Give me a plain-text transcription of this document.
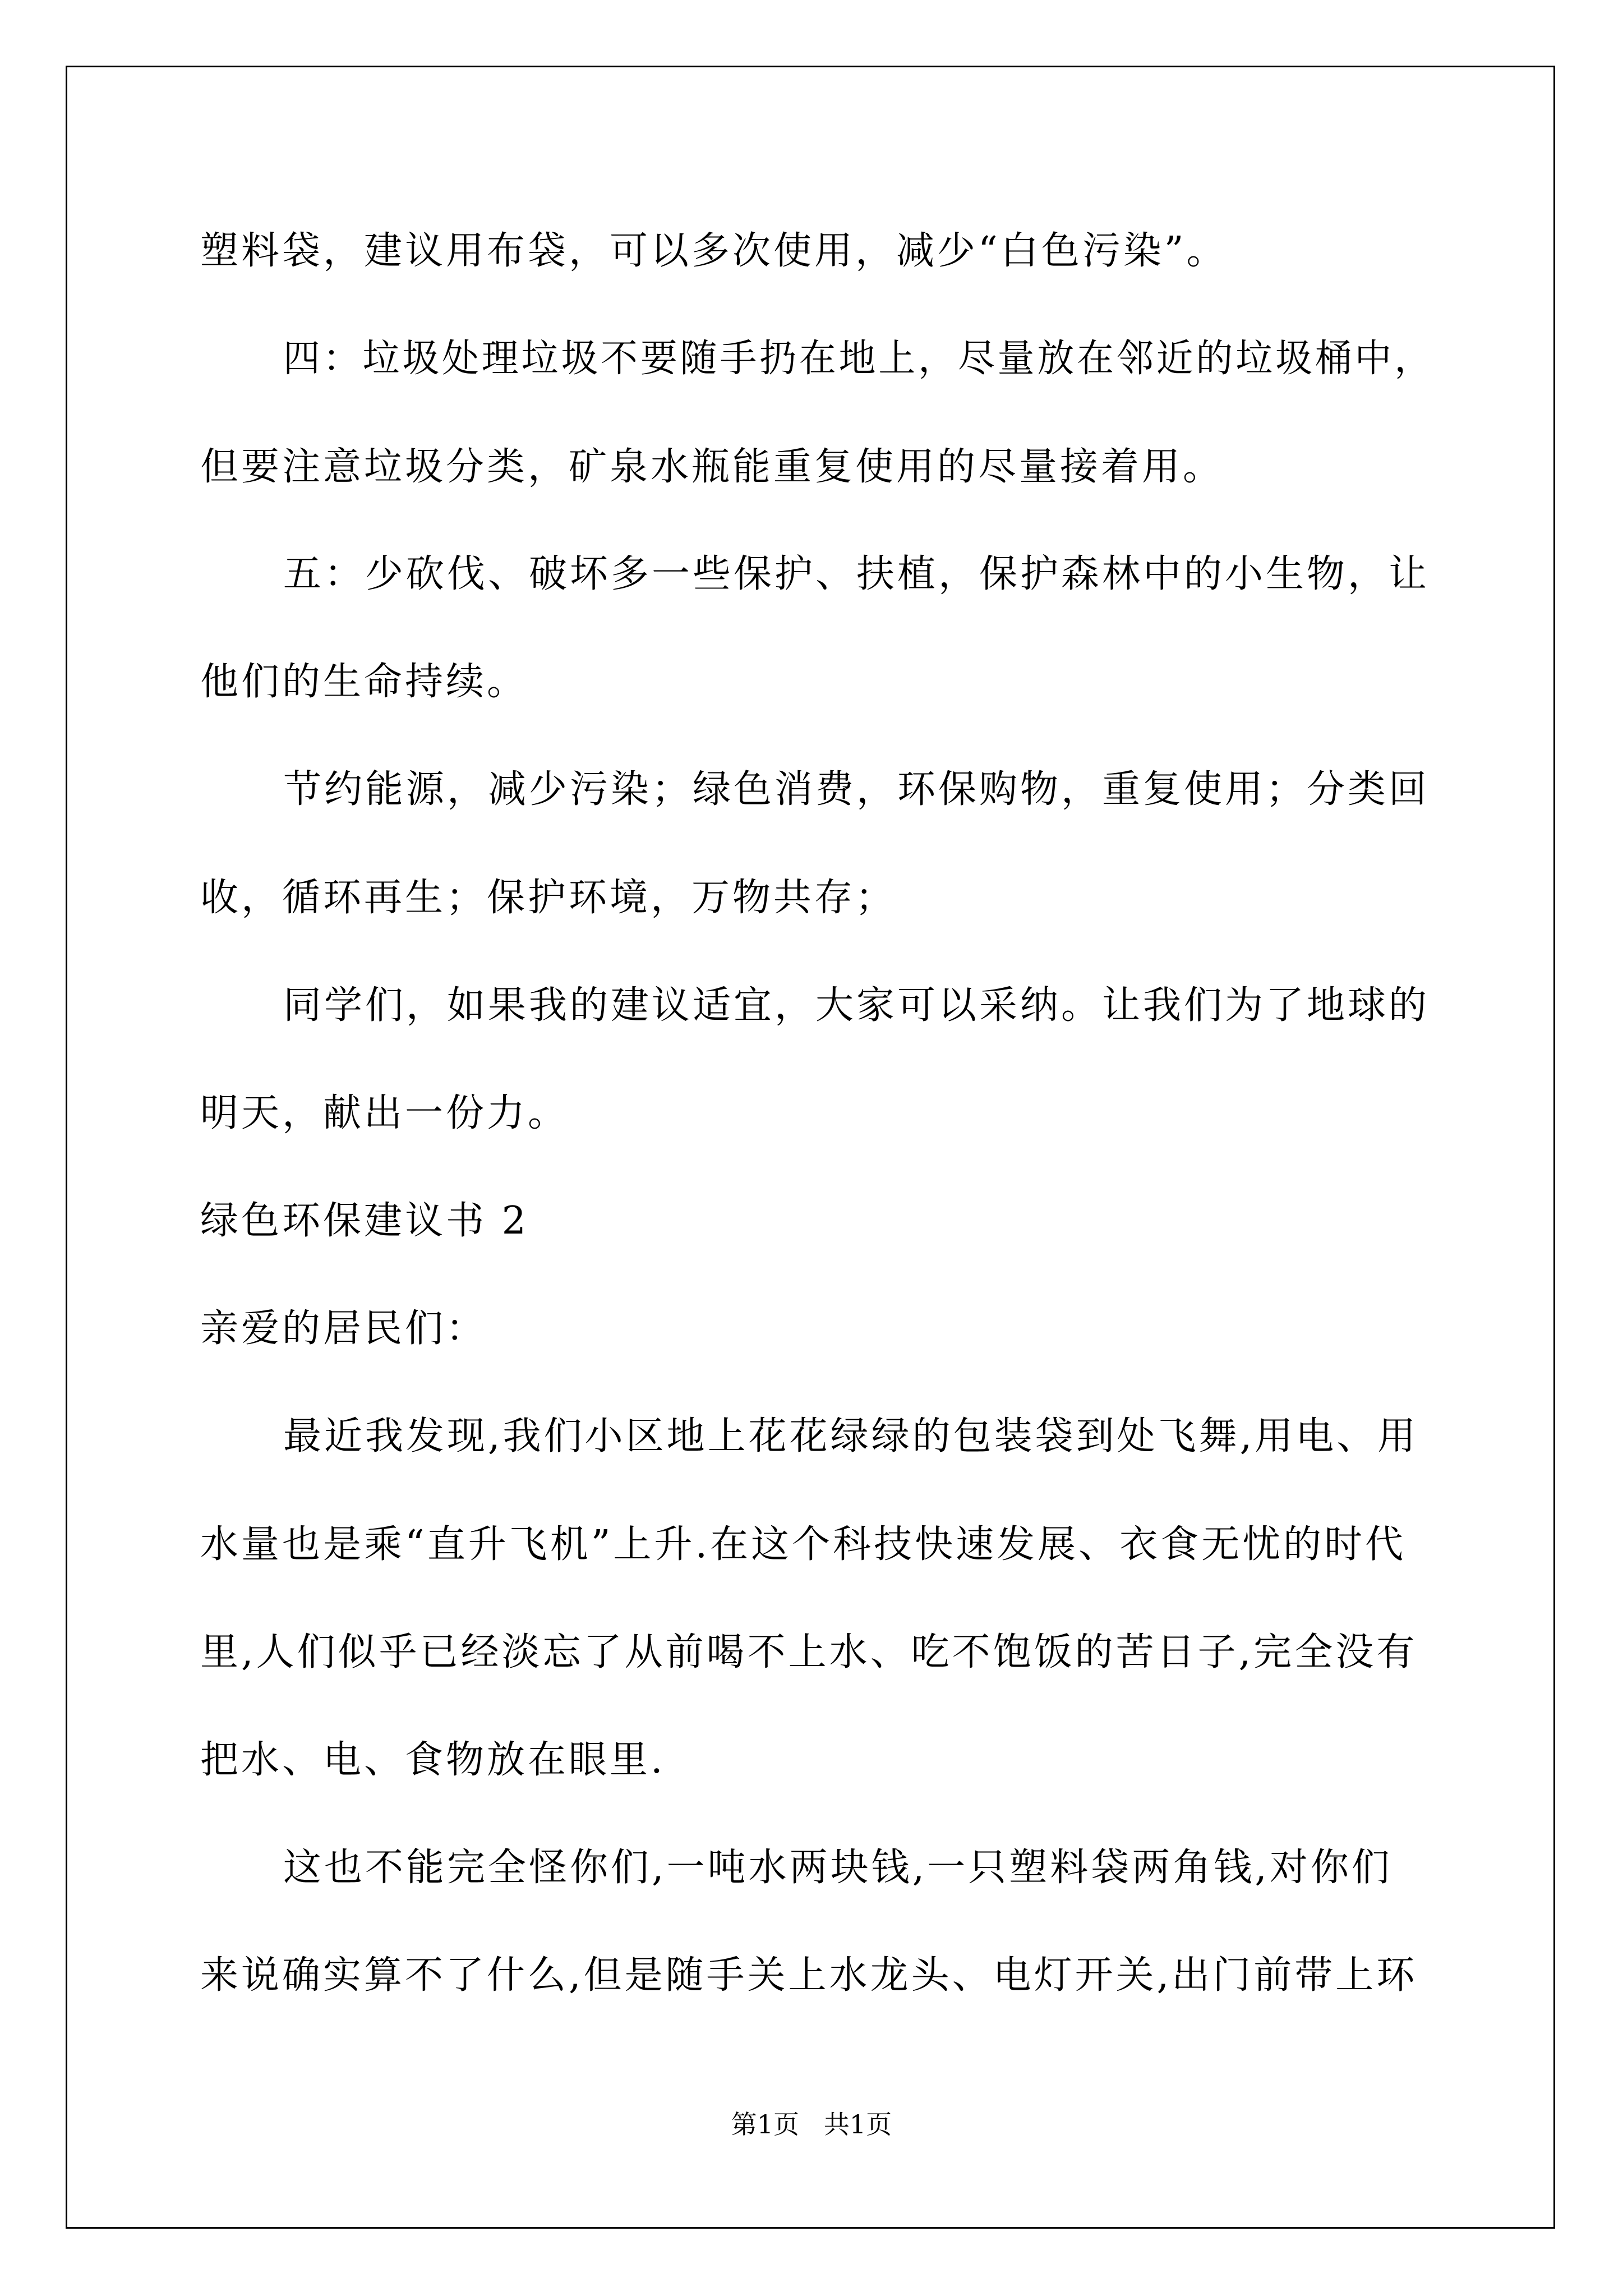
塑料袋，建议用布袋，可以多次使用，减少“白色污染”。
四：垃圾处理垃圾不要随手扔在地上，尽量放在邻近的垃圾桶中，
但要注意垃圾分类，矿泉水瓶能重复使用的尽量接着用。
五：少砍伐、破坏多一些保护、扶植，保护森林中的小生物，让
他们的生命持续。
节约能源，减少污染；绿色消费，环保购物，重复使用；分类回
收，循环再生；保护环境，万物共存；
同学们，如果我的建议适宜，大家可以采纳。让我们为了地球的
明天，献出一份力。
绿色环保建议书 2
亲爱的居民们：
最近我发现,我们小区地上花花绿绿的包装袋到处飞舞,用电、用
水量也是乘“直升飞机”上升.在这个科技快速发展、衣食无忧的时代
里,人们似乎已经淡忘了从前喝不上水、吃不饱饭的苦日子,完全没有
把水、电、食物放在眼里.
这也不能完全怪你们,一吨水两块钱,一只塑料袋两角钱,对你们
来说确实算不了什么,但是随手关上水龙头、电灯开关,出门前带上环
第1页   共1页
